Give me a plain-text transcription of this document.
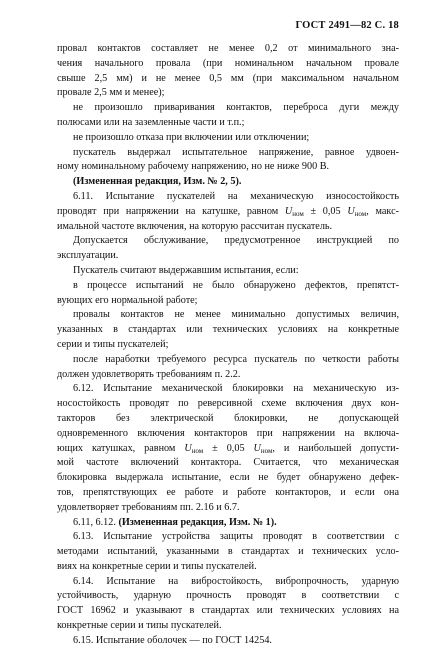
ГОСТ 2491—82 С. 18
провал контактов составляет не менее 0,2 от минимального зна-
чения начального провала (при номинальном начальном провале
свыше 2,5 мм) и не менее 0,5 мм (при максимальном начальном
провале 2,5 мм и менее);
не произошло приваривания контактов, переброса дуги между
полюсами или на заземленные части и т.п.;
не произошло отказа при включении или отключении;
пускатель выдержал испытательное напряжение, равное удвоен-
ному номинальному рабочему напряжению, но не ниже 900 В.
(Измененная редакция, Изм. № 2, 5).
6.11. Испытание пускателей на механическую износостойкость
проводят при напряжении на катушке, равном $U_{ном} \pm 0,05$ $U_{ном}$, макс-
имальной частоте включения, на которую рассчитан пускатель.
Допускается обслуживание, предусмотренное инструкцией по
эксплуатации.
Пускатель считают выдержавшим испытания, если:
в процессе испытаний не было обнаружено дефектов, препятст-
вующих его нормальной работе;
провалы контактов не менее минимально допустимых величин,
указанных в стандартах или технических условиях на конкретные
серии и типы пускателей;
после наработки требуемого ресурса пускатель по четкости работы
должен удовлетворять требованиям п. 2.2.
6.12. Испытание механической блокировки на механическую из-
носостойкость проводят по реверсивной схеме включения двух кон-
такторов без электрической блокировки, не допускающей
одновременного включения контакторов при напряжении на включа-
ющих катушках, равном $U_{ном} \pm 0,05$ $U_{ном}$, и наибольшей допусти-
мой частоте включений контактора. Считается, что механическая
блокировка выдержала испытание, если не будет обнаружено дефек-
тов, препятствующих ее работе и работе контакторов, и если она
удовлетворяет требованиям пп. 2.16 и 6.7.
6.11, 6.12. (Измененная редакция, Изм. № 1).
6.13. Испытание устройства защиты проводят в соответствии с
методами испытаний, указанными в стандартах и технических усло-
виях на конкретные серии и типы пускателей.
6.14. Испытание на вибростойкость, вибропрочность, ударную
устойчивость, ударную прочность проводят в соответствии с
ГОСТ 16962 и указывают в стандартах или технических условиях на
конкретные серии и типы пускателей.
6.15. Испытание оболочек — по ГОСТ 14254.
